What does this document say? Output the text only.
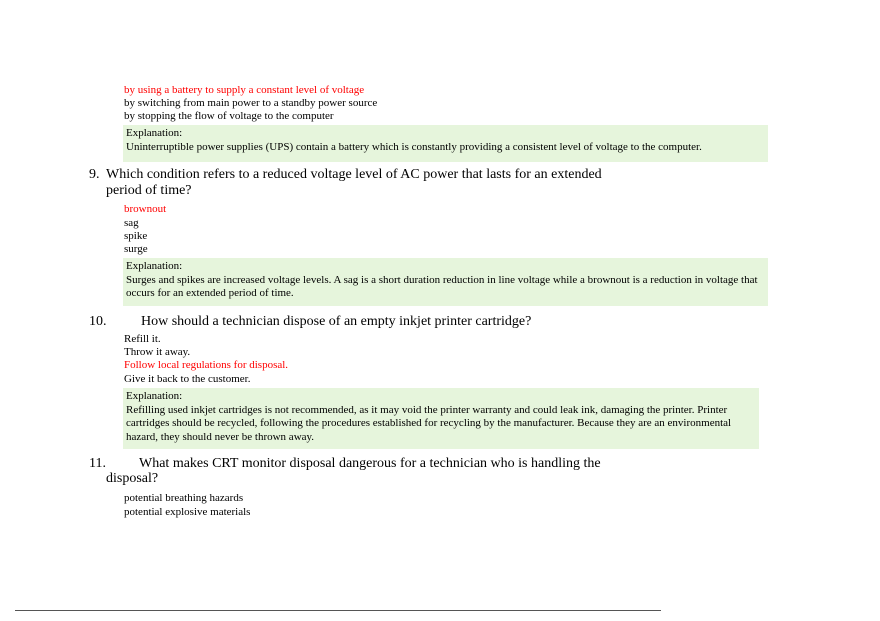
by using a battery to supply a constant level of voltage
by switching from main power to a standby power source
by stopping the flow of voltage to the computer
Explanation:
Uninterruptible power supplies (UPS) contain a battery which is constantly providing a consistent level of voltage to the computer.
9. Which condition refers to a reduced voltage level of AC power that lasts for an extended
period of time?
brownout
sag
spike
surge
Explanation:
Surges and spikes are increased voltage levels. A sag is a short duration reduction in line voltage while a brownout is a reduction in voltage that occurs for an extended period of time.
10. How should a technician dispose of an empty inkjet printer cartridge?
Refill it.
Throw it away.
Follow local regulations for disposal.
Give it back to the customer.
Explanation:
Refilling used inkjet cartridges is not recommended, as it may void the printer warranty and could leak ink, damaging the printer. Printer cartridges should be recycled, following the procedures established for recycling by the manufacturer. Because they are an environmental hazard, they should never be thrown away.
11. What makes CRT monitor disposal dangerous for a technician who is handling the
disposal?
potential breathing hazards
potential explosive materials
